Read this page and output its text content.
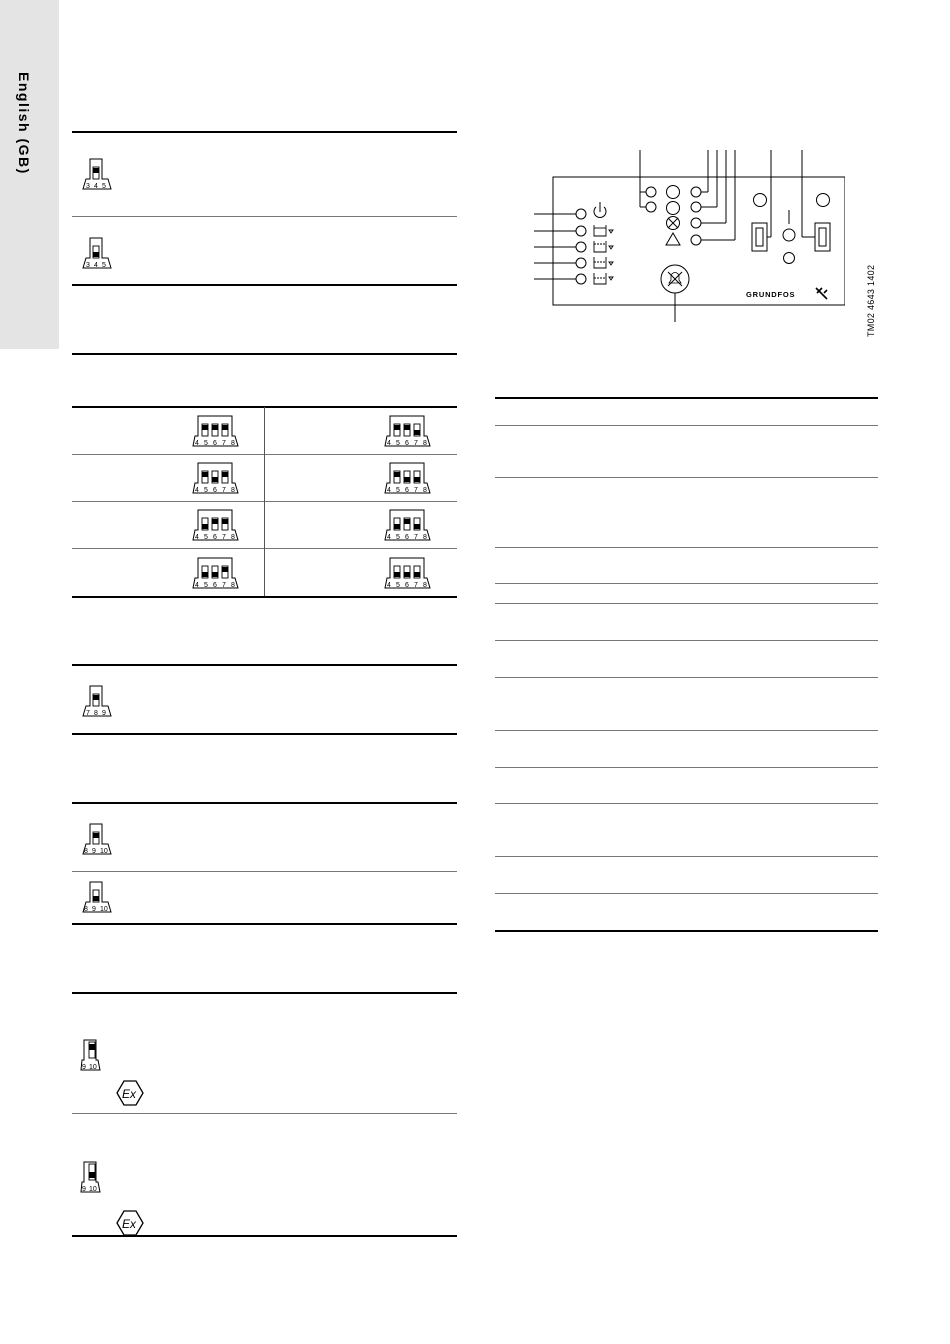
English (GB)
3 4 5
3 4 5
4 5 6 7 8	4 5 6 7 8
4 5 6 7 8	4 5 6 7 8
4 5 6 7 8	4 5 6 7 8
4 5 6 7 8	4 5 6 7 8
7 8 9
8 9 10
8 9 10
9 10
Ex
9 10
Ex
GRUNDFOS	TM02 4643 1402
